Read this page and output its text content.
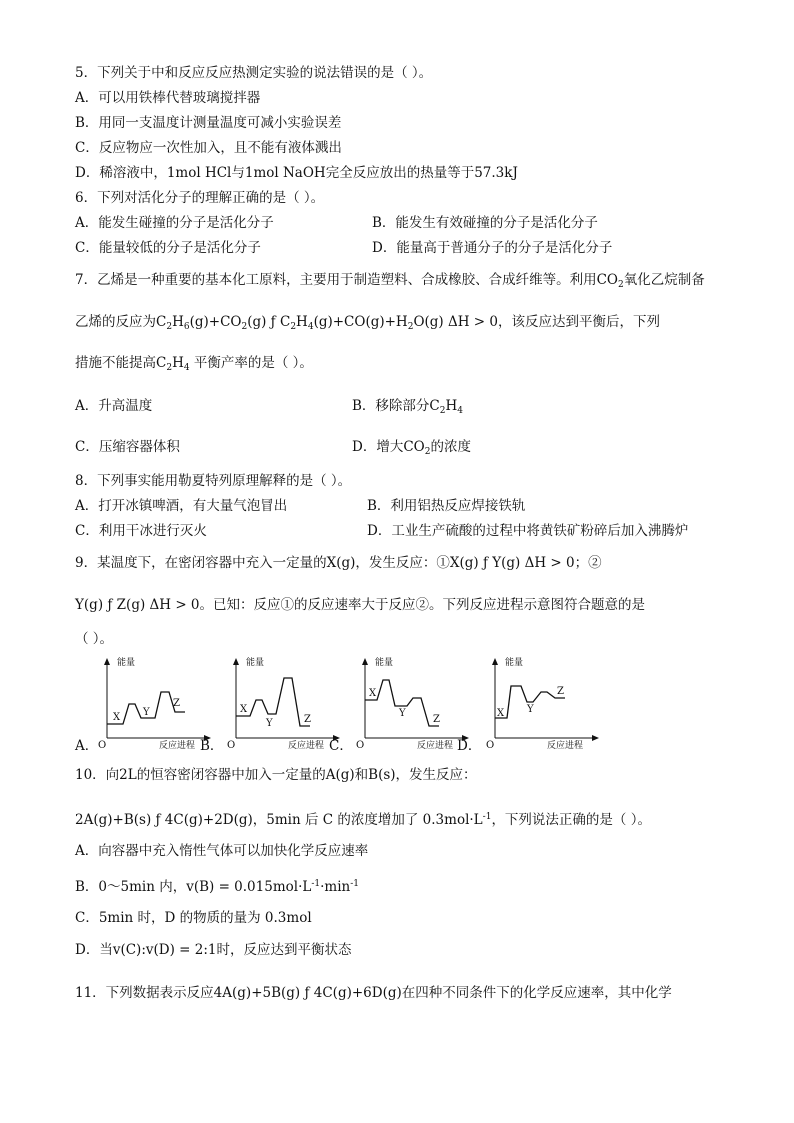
5．下列关于中和反应反应热测定实验的说法错误的是（ ）。
A．可以用铁棒代替玻璃搅拌器
B．用同一支温度计测量温度可减小实验误差
C．反应物应一次性加入，且不能有液体溅出
D．稀溶液中，1mol HCl与1mol NaOH完全反应放出的热量等于57.3kJ
6．下列对活化分子的理解正确的是（ ）。
A．能发生碰撞的分子是活化分子	B．能发生有效碰撞的分子是活化分子
C．能量较低的分子是活化分子	D．能量高于普通分子的分子是活化分子
7．乙烯是一种重要的基本化工原料，主要用于制造塑料、合成橡胶、合成纤维等。利用$CO_2$氧化乙烷制备
乙烯的反应为$C_2H_6(g)+CO_2(g)$ ƒ $C_2H_4(g)+CO(g)+H_2O(g) \Delta H > 0$，该反应达到平衡后，下列
措施不能提高$C_2H_4$ 平衡产率的是（ ）。
A．升高温度	B．移除部分$C_2H_4$
C．压缩容器体积	D．增大$CO_2$的浓度
8．下列事实能用勒夏特列原理解释的是（ ）。
A．打开冰镇啤酒，有大量气泡冒出	B．利用铝热反应焊接铁轨
C．利用干冰进行灭火	D．工业生产硫酸的过程中将黄铁矿粉碎后加入沸腾炉
9．某温度下，在密闭容器中充入一定量的X(g)，发生反应：①X(g) ƒ Y(g) ΔH > 0；②
Y(g) ƒ Z(g) ΔH > 0。已知：反应①的反应速率大于反应②。下列反应进程示意图符合题意的是
（ ）。
A．
能量
O	反应进程
X Y
Z
B．
能量
O	反应进程
X
Y	Z
C．
能量
O	反应进程
X
Y
Z
D．
能量
O	反应进程
X Y
Z
10．向2L的恒容密闭容器中加入一定量的A(g)和B(s)，发生反应：
2A(g)+B(s) ƒ 4C(g)+2D(g)，5min 后 C 的浓度增加了 $0.3mol\cdot L^{-1}$，下列说法正确的是（ ）。
A．向容器中充入惰性气体可以加快化学反应速率
B．0～5min 内，$v(B) = 0.015mol\cdot L^{-1}\cdot\min^{-1}$
C．5min 时，D 的物质的量为 0.3mol
D．当v(C):v(D) = 2:1时，反应达到平衡状态
11．下列数据表示反应4A(g)+5B(g) ƒ 4C(g)+6D(g)在四种不同条件下的化学反应速率，其中化学
